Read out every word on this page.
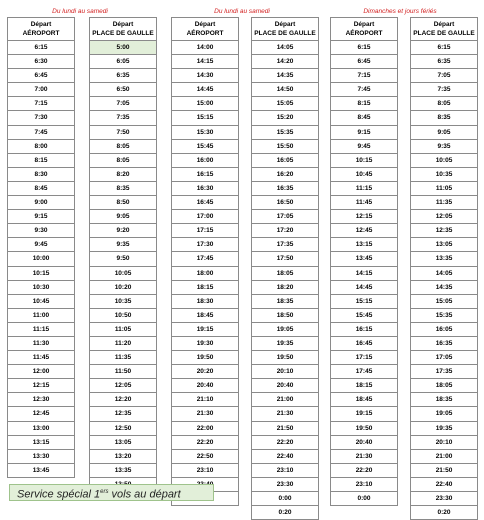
Du lundi au samedi	Du lundi au samedi	Dimanches et jours fériés
Départ
AÉROPORT
6:15
6:30
6:45
7:00
7:15
7:30
7:45
8:00
8:15
8:30
8:45
9:00
9:15
9:30
9:45
10:00
10:15
10:30
10:45
11:00
11:15
11:30
11:45
12:00
12:15
12:30
12:45
13:00
13:15
13:30
13:45
Départ
PLACE DE GAULLE
5:00
6:05
6:35
6:50
7:05
7:35
7:50
8:05
8:05
8:20
8:35
8:50
9:05
9:20
9:35
9:50
10:05
10:20
10:35
10:50
11:05
11:20
11:35
11:50
12:05
12:20
12:35
12:50
13:05
13:20
13:35
Départ
AÉROPORT
14:00
14:15
14:30
14:45
15:00
15:15
15:30
15:45
16:00
16:15
16:30
16:45
17:00
17:15
17:30
17:45
18:00
18:15
18:30
18:45
19:15
19:30
19:50
20:20
20:40
21:10
21:30
22:00
22:20
22:50
23:10
Départ
PLACE DE GAULLE
14:05
14:20
14:35
14:50
15:05
15:20
15:35
15:50
16:05
16:20
16:35
16:50
17:05
17:20
17:35
17:50
18:05
18:20
18:35
18:50
19:05
19:35
19:50
20:10
20:40
21:00
21:30
21:50
22:20
22:40
23:10
23:30
0:00
0:20
Départ
AÉROPORT
6:15
6:45
7:15
7:45
8:15
8:45
9:15
9:45
10:15
10:45
11:15
11:45
12:15
12:45
13:15
13:45
14:15
14:45
15:15
15:45
16:15
16:45
17:15
17:45
18:15
18:45
19:15
19:50
20:40
21:30
22:20
23:10
0:00
Départ
PLACE DE GAULLE
6:15
6:35
7:05
7:35
8:05
8:35
9:05
9:35
10:05
10:35
11:05
11:35
12:05
12:35
13:05
13:35
14:05
14:35
15:05
15:35
16:05
16:35
17:05
17:35
18:05
18:35
19:05
19:35
20:10
21:00
21:50
22:40
23:30
0:20
Service spécial 1ers vols au départ
